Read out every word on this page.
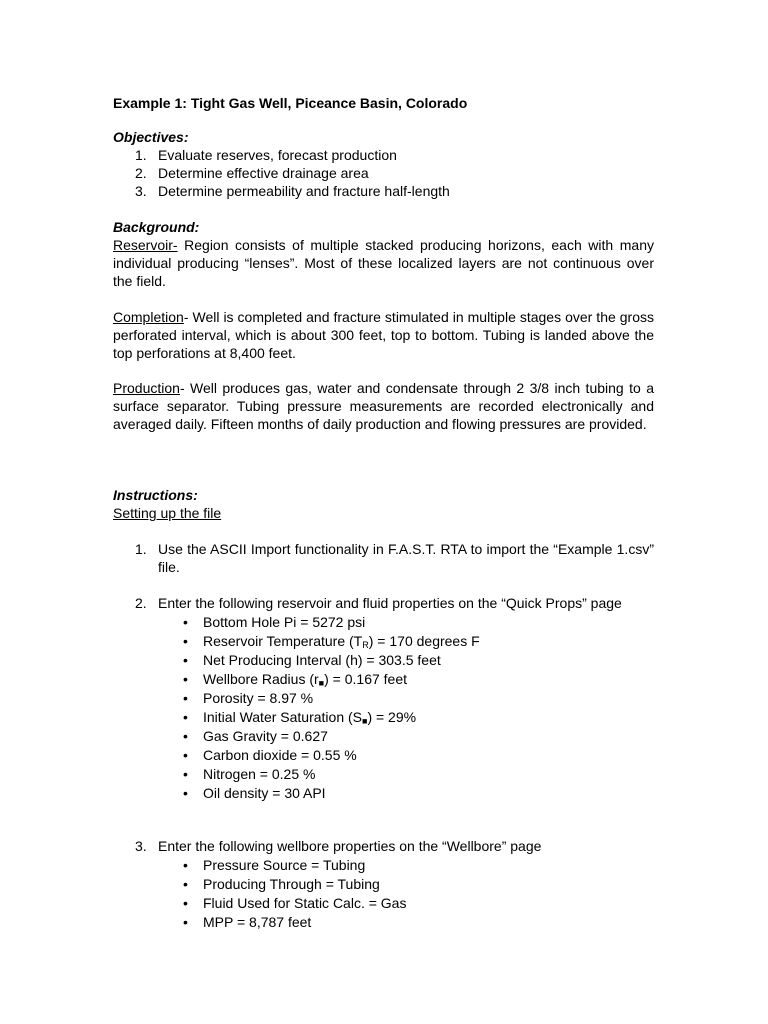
Example 1: Tight Gas Well, Piceance Basin, Colorado

Objectives:

1. Evaluate reserves, forecast production
2. Determine effective drainage area
3. Determine permeability and fracture half-length

Background:

Reservoir- Region consists of multiple stacked producing horizons, each with many individual producing “lenses”. Most of these localized layers are not continuous over the field.

Completion- Well is completed and fracture stimulated in multiple stages over the gross perforated interval, which is about 300 feet, top to bottom. Tubing is landed above the top perforations at 8,400 feet.

Production- Well produces gas, water and condensate through 2 3/8 inch tubing to a surface separator. Tubing pressure measurements are recorded electronically and averaged daily. Fifteen months of daily production and flowing pressures are provided.

Instructions:

Setting up the file

1. Use the ASCII Import functionality in F.A.S.T. RTA to import the “Example 1.csv” file.
2. Enter the following reservoir and fluid properties on the “Quick Props” page
• Bottom Hole Pi = 5272 psi
• Reservoir Temperature $(T_R) = 170$ degrees F
• Net Producing Interval (h) = 303.5 feet
• Wellbore Radius $(r_■) = 0.167$ feet
• Porosity = 8.97 %
• Initial Water Saturation $(S_■) = 29\%$
• Gas Gravity = 0.627
• Carbon dioxide = 0.55 %
• Nitrogen = 0.25 %
• Oil density = 30 API
3. Enter the following wellbore properties on the “Wellbore” page
• Pressure Source = Tubing
• Producing Through = Tubing
• Fluid Used for Static Calc. = Gas
• MPP = 8,787 feet
